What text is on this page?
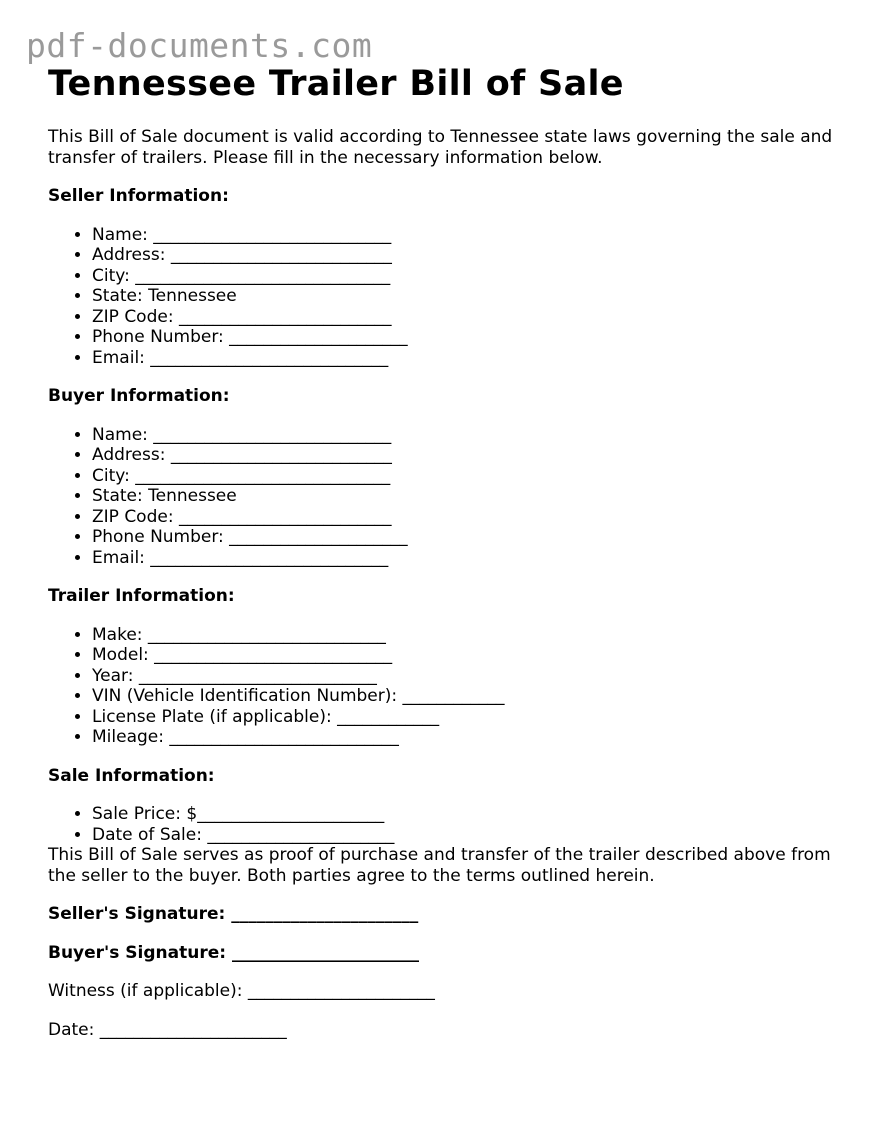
pdf-documents.com
Tennessee Trailer Bill of Sale

This Bill of Sale document is valid according to Tennessee state laws governing the sale and transfer of trailers. Please fill in the necessary information below.

Seller Information:
• Name: ____________________________
• Address: __________________________
• City: ______________________________
• State: Tennessee
• ZIP Code: _________________________
• Phone Number: _____________________
• Email: ____________________________
Buyer Information:
• Name: ____________________________
• Address: __________________________
• City: ______________________________
• State: Tennessee
• ZIP Code: _________________________
• Phone Number: _____________________
• Email: ____________________________
Trailer Information:
• Make: ____________________________
• Model: ____________________________
• Year: ____________________________
• VIN (Vehicle Identification Number): ____________
• License Plate (if applicable): ____________
• Mileage: ___________________________
Sale Information:
• Sale Price: $______________________
• Date of Sale: ______________________

This Bill of Sale serves as proof of purchase and transfer of the trailer described above from the seller to the buyer. Both parties agree to the terms outlined herein.

Seller's Signature: ______________________
Buyer's Signature: ______________________
Witness (if applicable): ______________________
Date: ______________________
